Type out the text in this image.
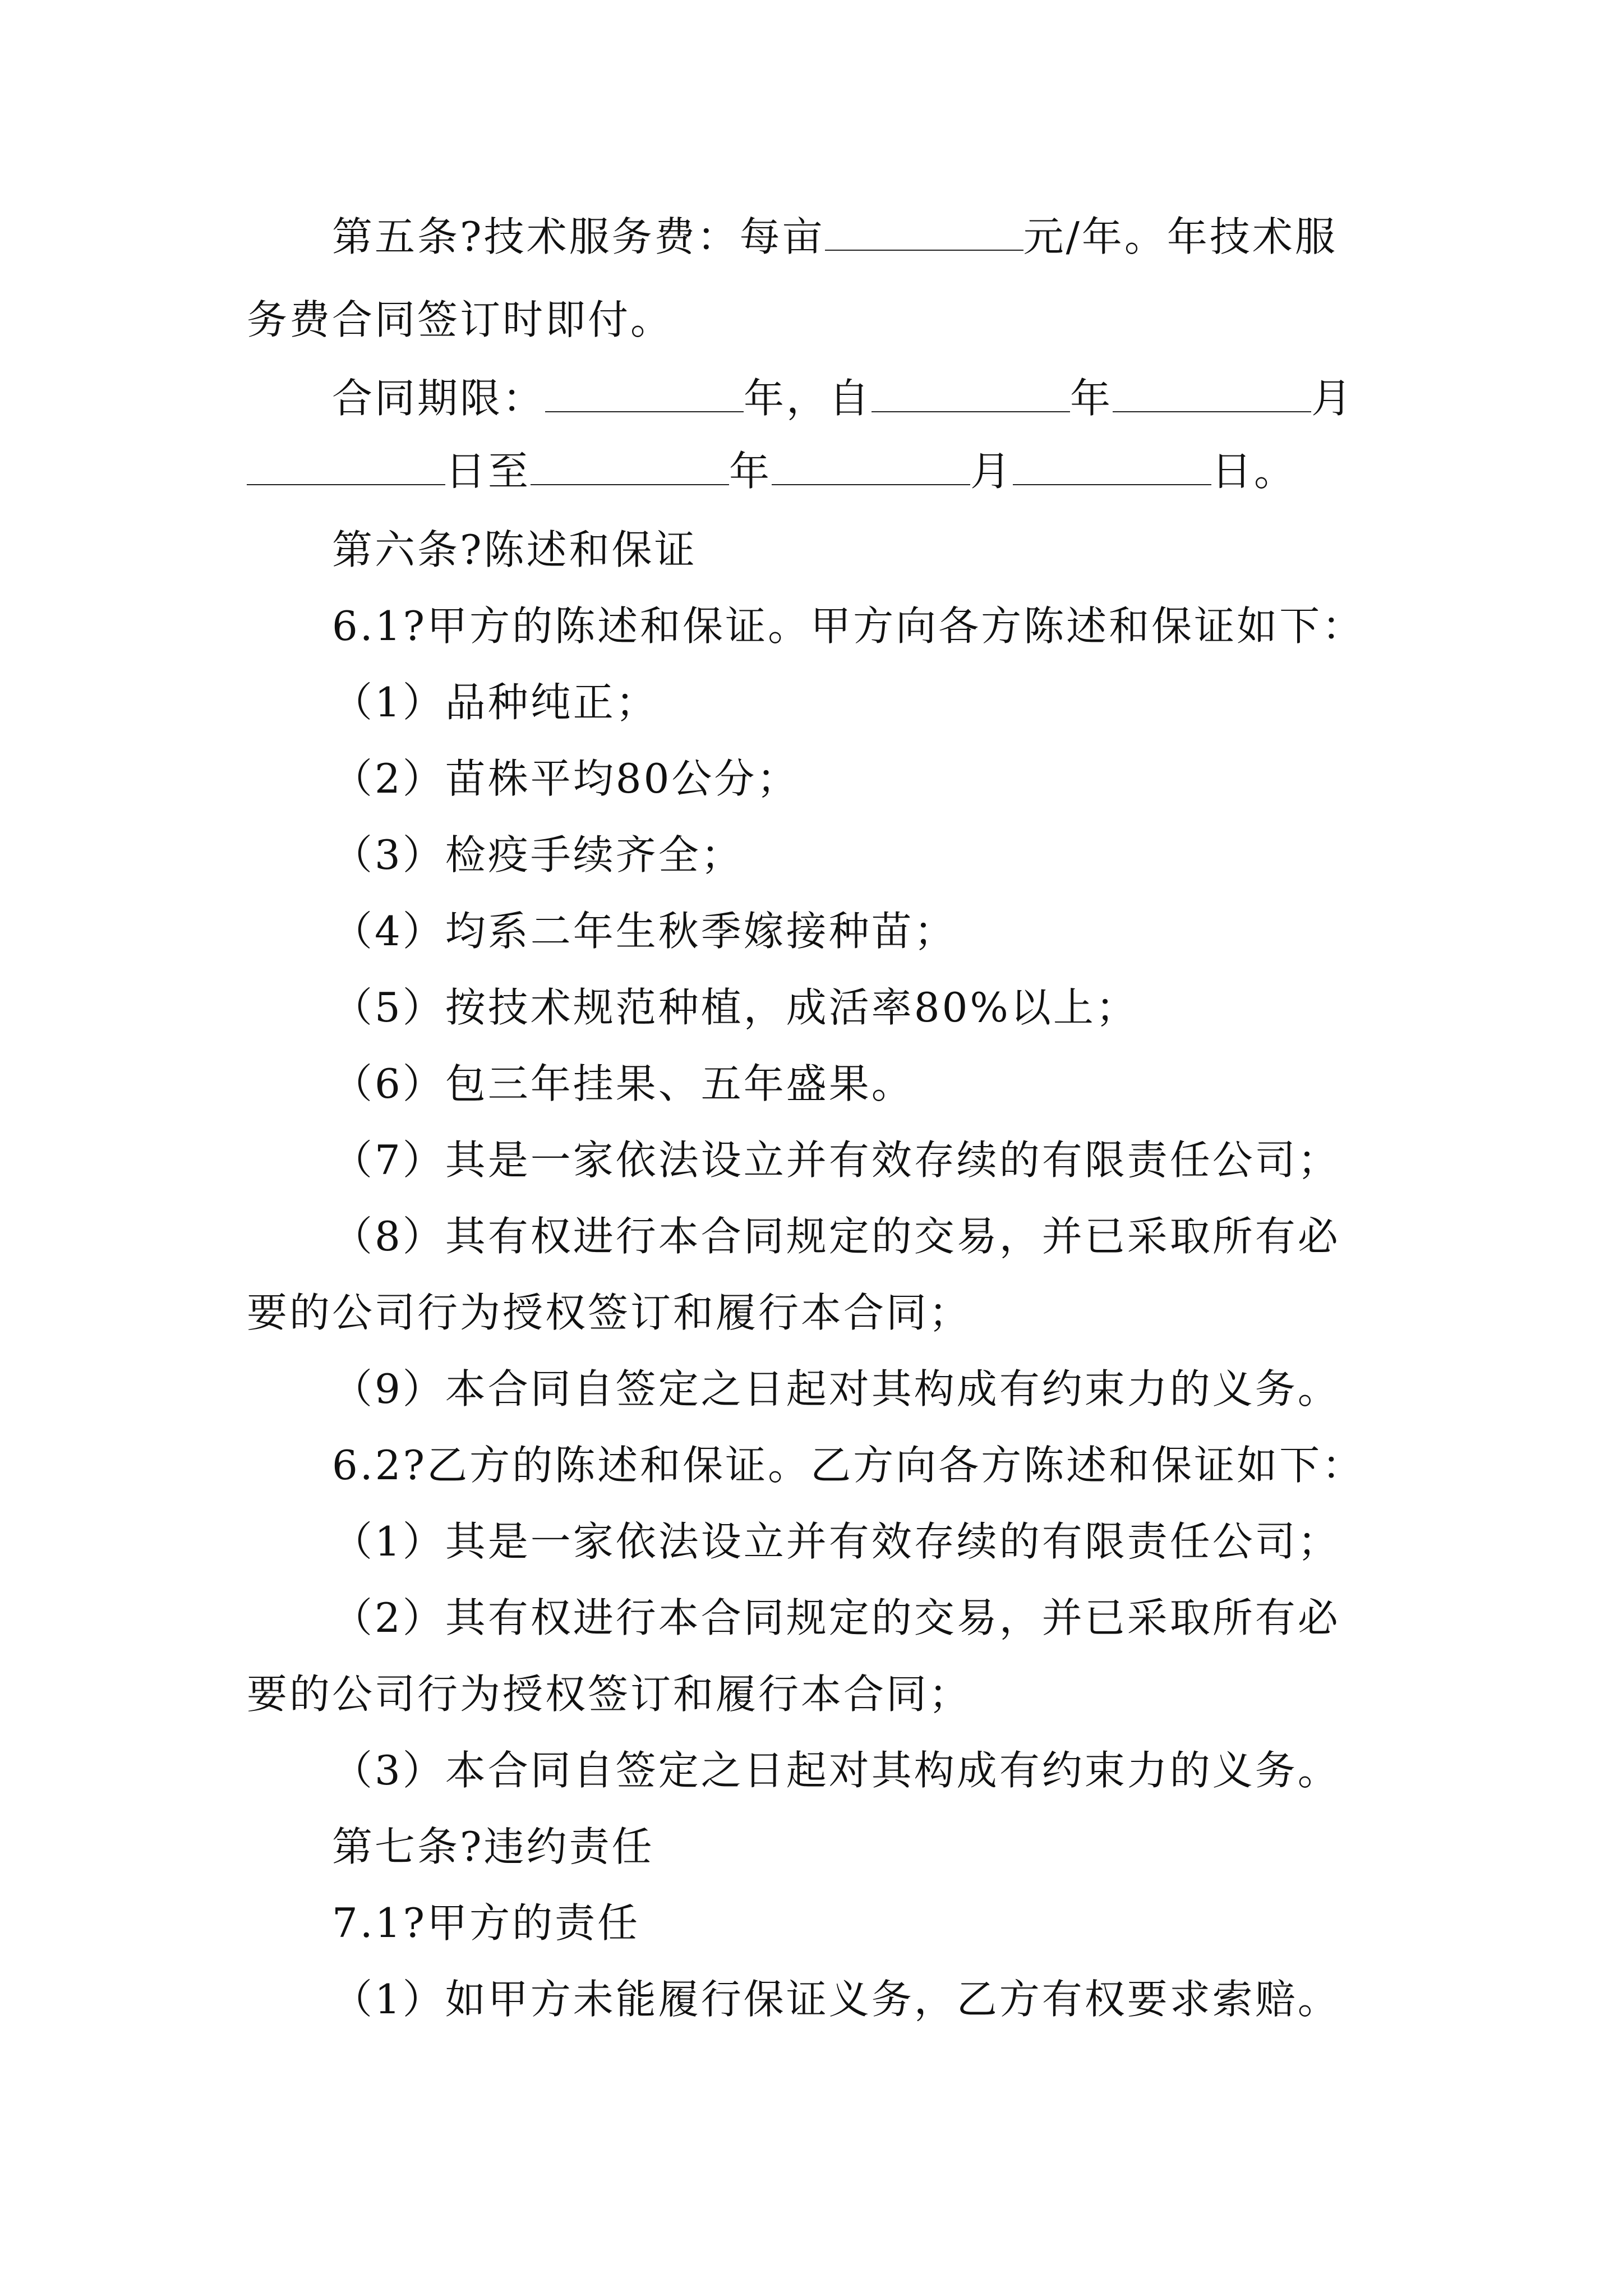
第五条?技术服务费：每亩	元/年。年技术服
务费合同签订时即付。
合同期限：	年，自	年	月
日至	年	月	日。
第六条?陈述和保证
6.1?甲方的陈述和保证。甲方向各方陈述和保证如下：
（1）品种纯正；
（2）苗株平均80公分；
（3）检疫手续齐全；
（4）均系二年生秋季嫁接种苗；
（5）按技术规范种植，成活率80%以上；
（6）包三年挂果、五年盛果。
（7）其是一家依法设立并有效存续的有限责任公司；
（8）其有权进行本合同规定的交易，并已采取所有必
要的公司行为授权签订和履行本合同；
（9）本合同自签定之日起对其构成有约束力的义务。
6.2?乙方的陈述和保证。乙方向各方陈述和保证如下：
（1）其是一家依法设立并有效存续的有限责任公司；
（2）其有权进行本合同规定的交易，并已采取所有必
要的公司行为授权签订和履行本合同；
（3）本合同自签定之日起对其构成有约束力的义务。
第七条?违约责任
7.1?甲方的责任
（1）如甲方未能履行保证义务，乙方有权要求索赔。
